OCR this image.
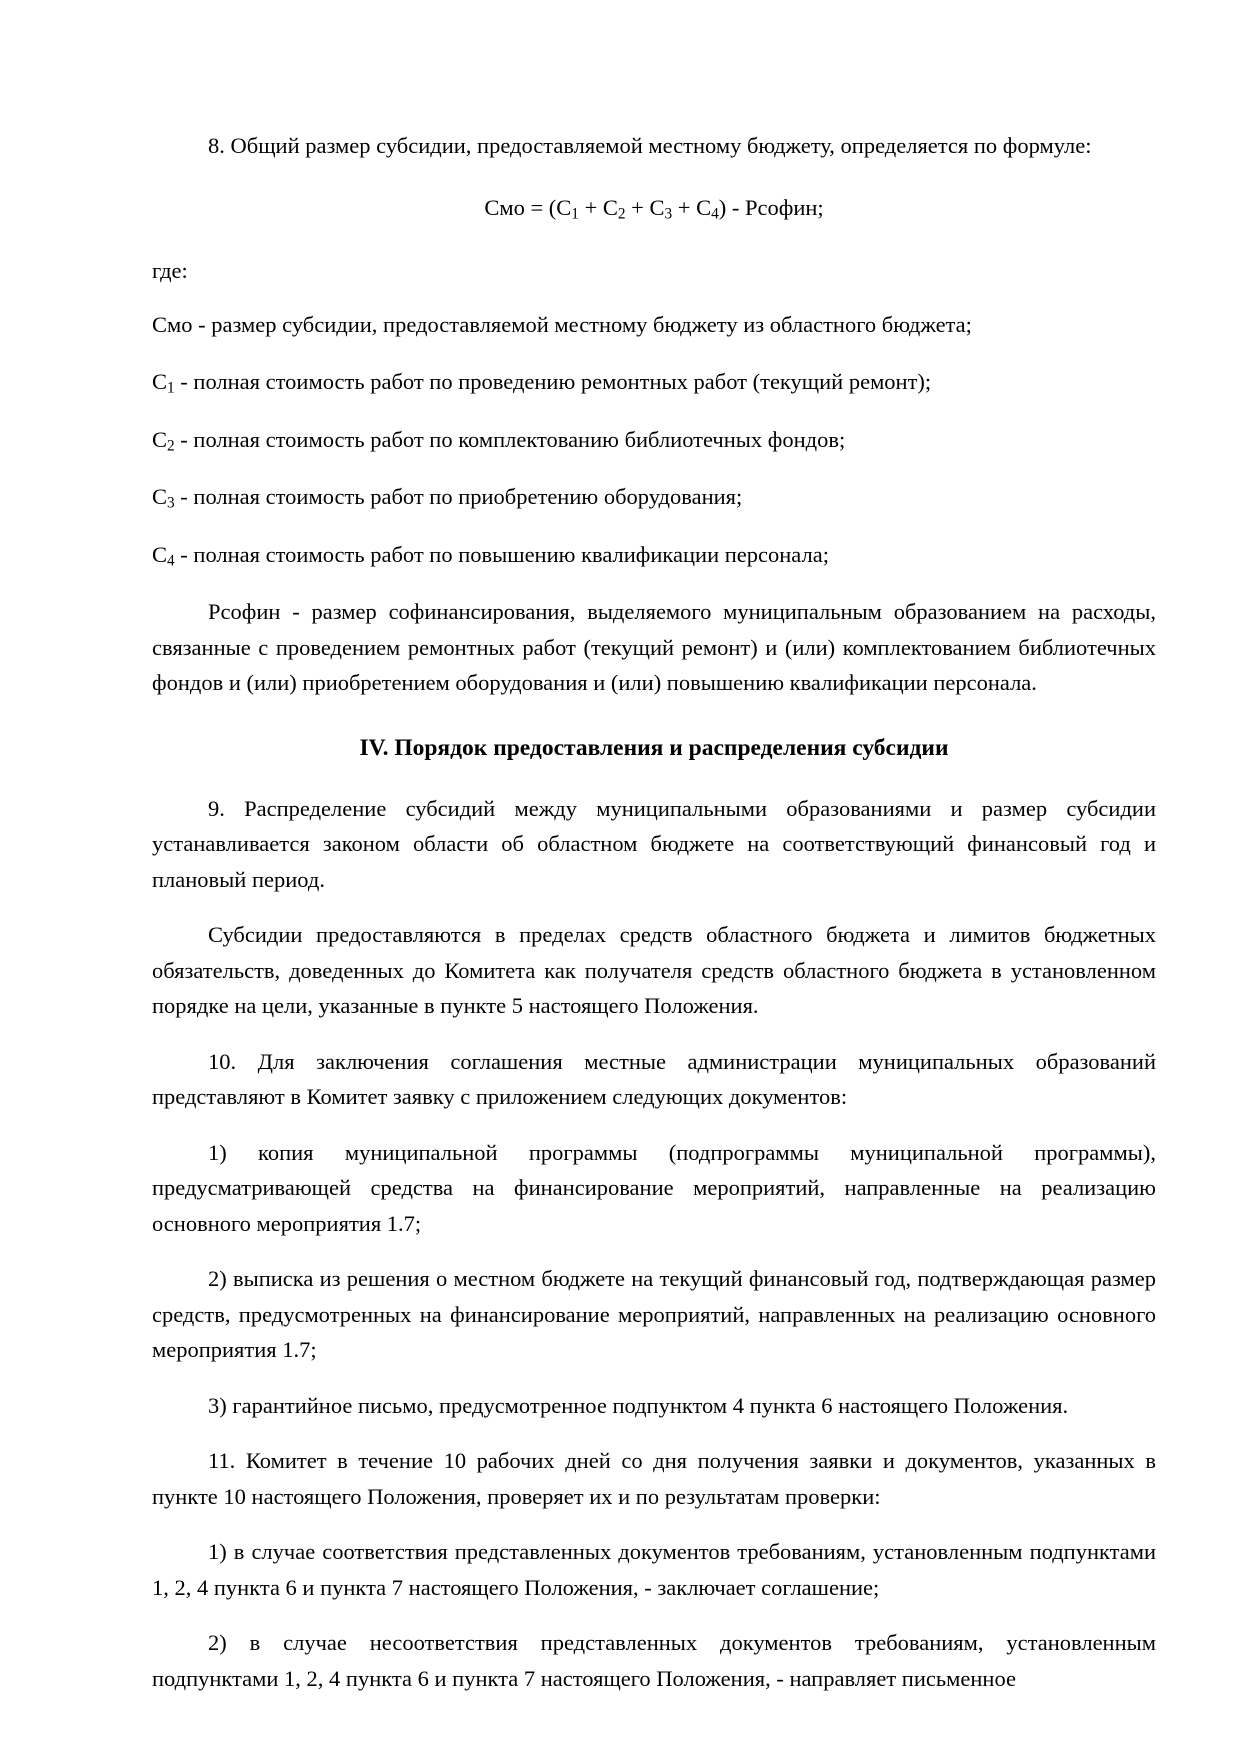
8. Общий размер субсидии, предоставляемой местному бюджету, определяется по формуле:

Смо = $(С_1 + С_2 + С_3 + С_4)$ - Рсофин;

где:

Смо - размер субсидии, предоставляемой местному бюджету из областного бюджета;

$С_1$ - полная стоимость работ по проведению ремонтных работ (текущий ремонт);

$С_2$ - полная стоимость работ по комплектованию библиотечных фондов;

$С_3$ - полная стоимость работ по приобретению оборудования;

$С_4$ - полная стоимость работ по повышению квалификации персонала;

Рсофин - размер софинансирования, выделяемого муниципальным образованием на расходы, связанные с проведением ремонтных работ (текущий ремонт) и (или) комплектованием библиотечных фондов и (или) приобретением оборудования и (или) повышению квалификации персонала.

IV. Порядок предоставления и распределения субсидии

9. Распределение субсидий между муниципальными образованиями и размер субсидии устанавливается законом области об областном бюджете на соответствующий финансовый год и плановый период.

Субсидии предоставляются в пределах средств областного бюджета и лимитов бюджетных обязательств, доведенных до Комитета как получателя средств областного бюджета в установленном порядке на цели, указанные в пункте 5 настоящего Положения.

10. Для заключения соглашения местные администрации муниципальных образований представляют в Комитет заявку с приложением следующих документов:

1) копия муниципальной программы (подпрограммы муниципальной программы), предусматривающей средства на финансирование мероприятий, направленные на реализацию основного мероприятия 1.7;

2) выписка из решения о местном бюджете на текущий финансовый год, подтверждающая размер средств, предусмотренных на финансирование мероприятий, направленных на реализацию основного мероприятия 1.7;

3) гарантийное письмо, предусмотренное подпунктом 4 пункта 6 настоящего Положения.

11. Комитет в течение 10 рабочих дней со дня получения заявки и документов, указанных в пункте 10 настоящего Положения, проверяет их и по результатам проверки:

1) в случае соответствия представленных документов требованиям, установленным подпунктами 1, 2, 4 пункта 6 и пункта 7 настоящего Положения, - заключает соглашение;

2) в случае несоответствия представленных документов требованиям, установленным подпунктами 1, 2, 4 пункта 6 и пункта 7 настоящего Положения, - направляет письменное
